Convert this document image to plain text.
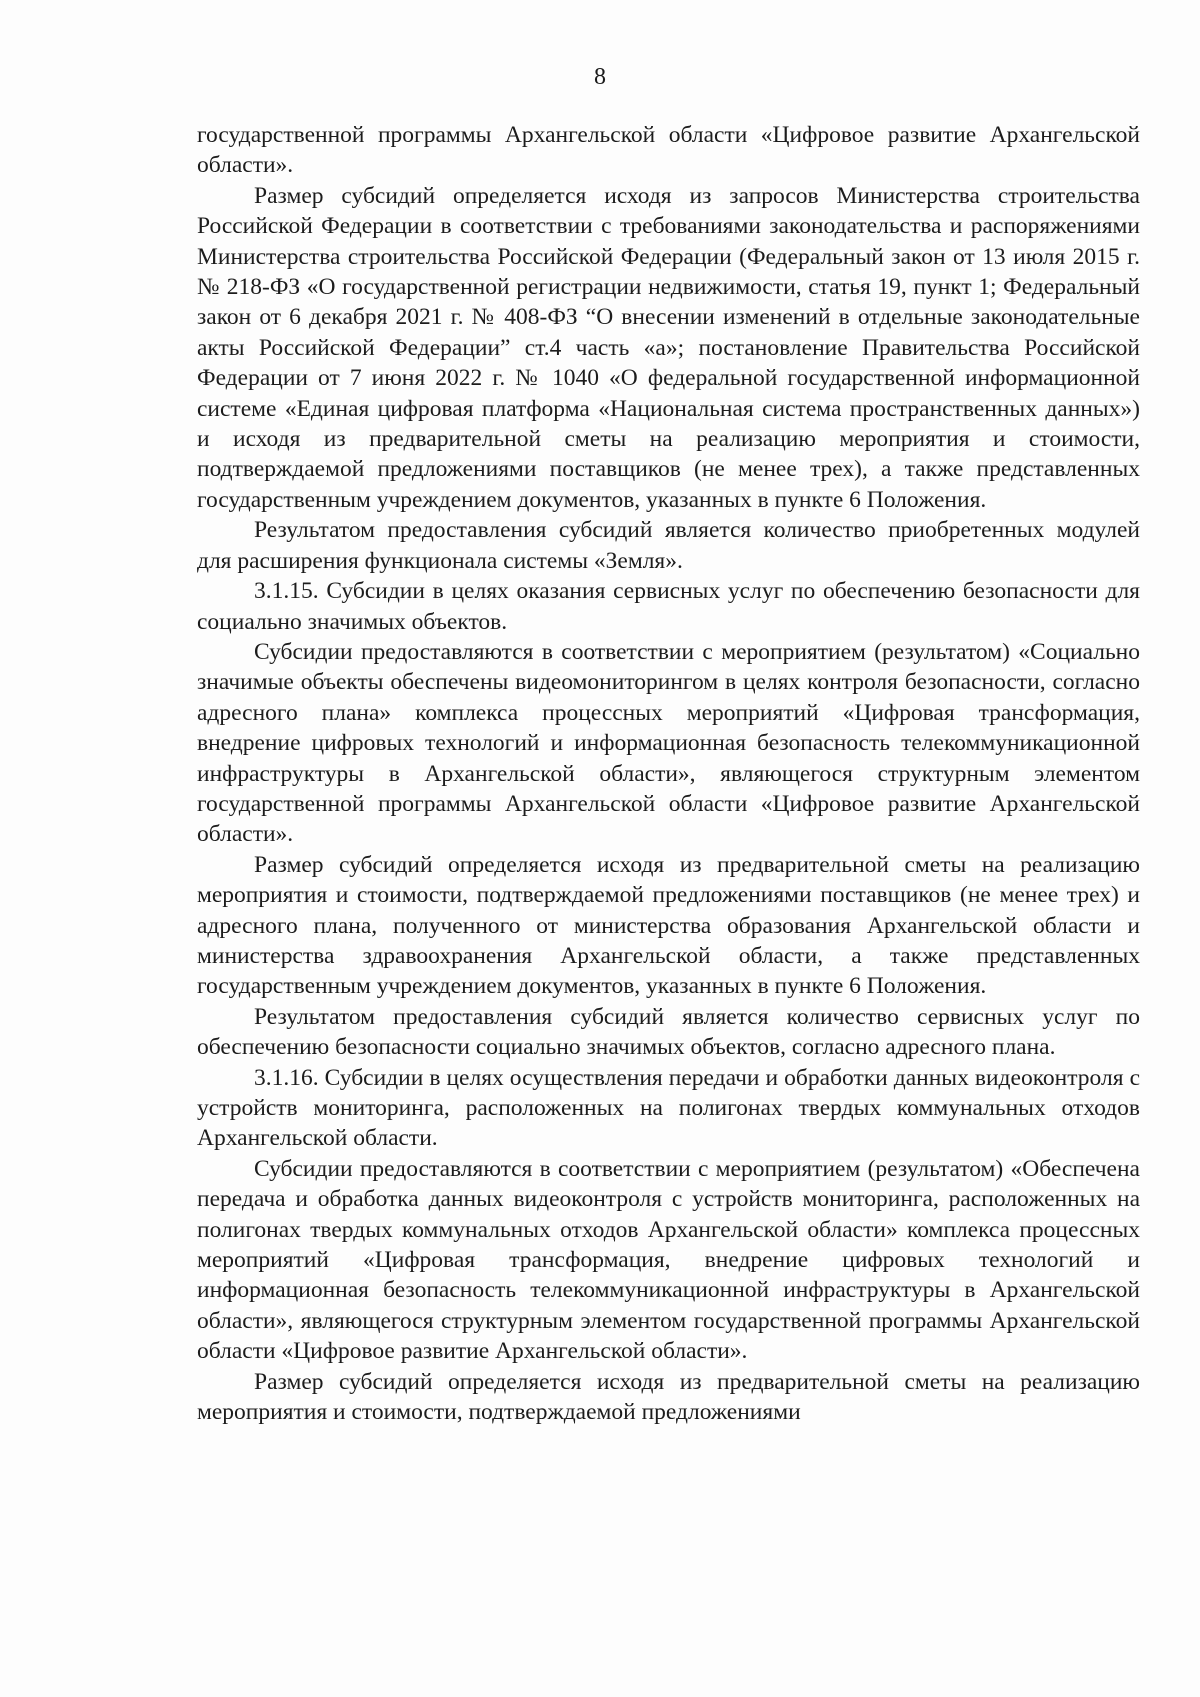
8

государственной программы Архангельской области «Цифровое развитие Архангельской области».

Размер субсидий определяется исходя из запросов Министерства строительства Российской Федерации в соответствии с требованиями законодательства и распоряжениями Министерства строительства Российской Федерации (Федеральный закон от 13 июля 2015 г. № 218-ФЗ «О государственной регистрации недвижимости, статья 19, пункт 1; Федеральный закон от 6 декабря 2021 г. № 408-ФЗ “О внесении изменений в отдельные законодательные акты Российской Федерации” ст.4 часть «а»; постановление Правительства Российской Федерации от 7 июня 2022 г. № 1040 «О федеральной государственной информационной системе «Единая цифровая платформа «Национальная система пространственных данных») и исходя из предварительной сметы на реализацию мероприятия и стоимости, подтверждаемой предложениями поставщиков (не менее трех), а также представленных государственным учреждением документов, указанных в пункте 6 Положения.

Результатом предоставления субсидий является количество приобретенных модулей для расширения функционала системы «Земля».

3.1.15. Субсидии в целях оказания сервисных услуг по обеспечению безопасности для социально значимых объектов.

Субсидии предоставляются в соответствии с мероприятием (результатом) «Социально значимые объекты обеспечены видеомониторингом в целях контроля безопасности, согласно адресного плана» комплекса процессных мероприятий «Цифровая трансформация, внедрение цифровых технологий и информационная безопасность телекоммуникационной инфраструктуры в Архангельской области», являющегося структурным элементом государственной программы Архангельской области «Цифровое развитие Архангельской области».

Размер субсидий определяется исходя из предварительной сметы на реализацию мероприятия и стоимости, подтверждаемой предложениями поставщиков (не менее трех) и адресного плана, полученного от министерства образования Архангельской области и министерства здравоохранения Архангельской области, а также представленных государственным учреждением документов, указанных в пункте 6 Положения.

Результатом предоставления субсидий является количество сервисных услуг по обеспечению безопасности социально значимых объектов, согласно адресного плана.

3.1.16. Субсидии в целях осуществления передачи и обработки данных видеоконтроля с устройств мониторинга, расположенных на полигонах твердых коммунальных отходов Архангельской области.

Субсидии предоставляются в соответствии с мероприятием (результатом) «Обеспечена передача и обработка данных видеоконтроля с устройств мониторинга, расположенных на полигонах твердых коммунальных отходов Архангельской области» комплекса процессных мероприятий «Цифровая трансформация, внедрение цифровых технологий и информационная безопасность телекоммуникационной инфраструктуры в Архангельской области», являющегося структурным элементом государственной программы Архангельской области «Цифровое развитие Архангельской области».

Размер субсидий определяется исходя из предварительной сметы на реализацию мероприятия и стоимости, подтверждаемой предложениями
